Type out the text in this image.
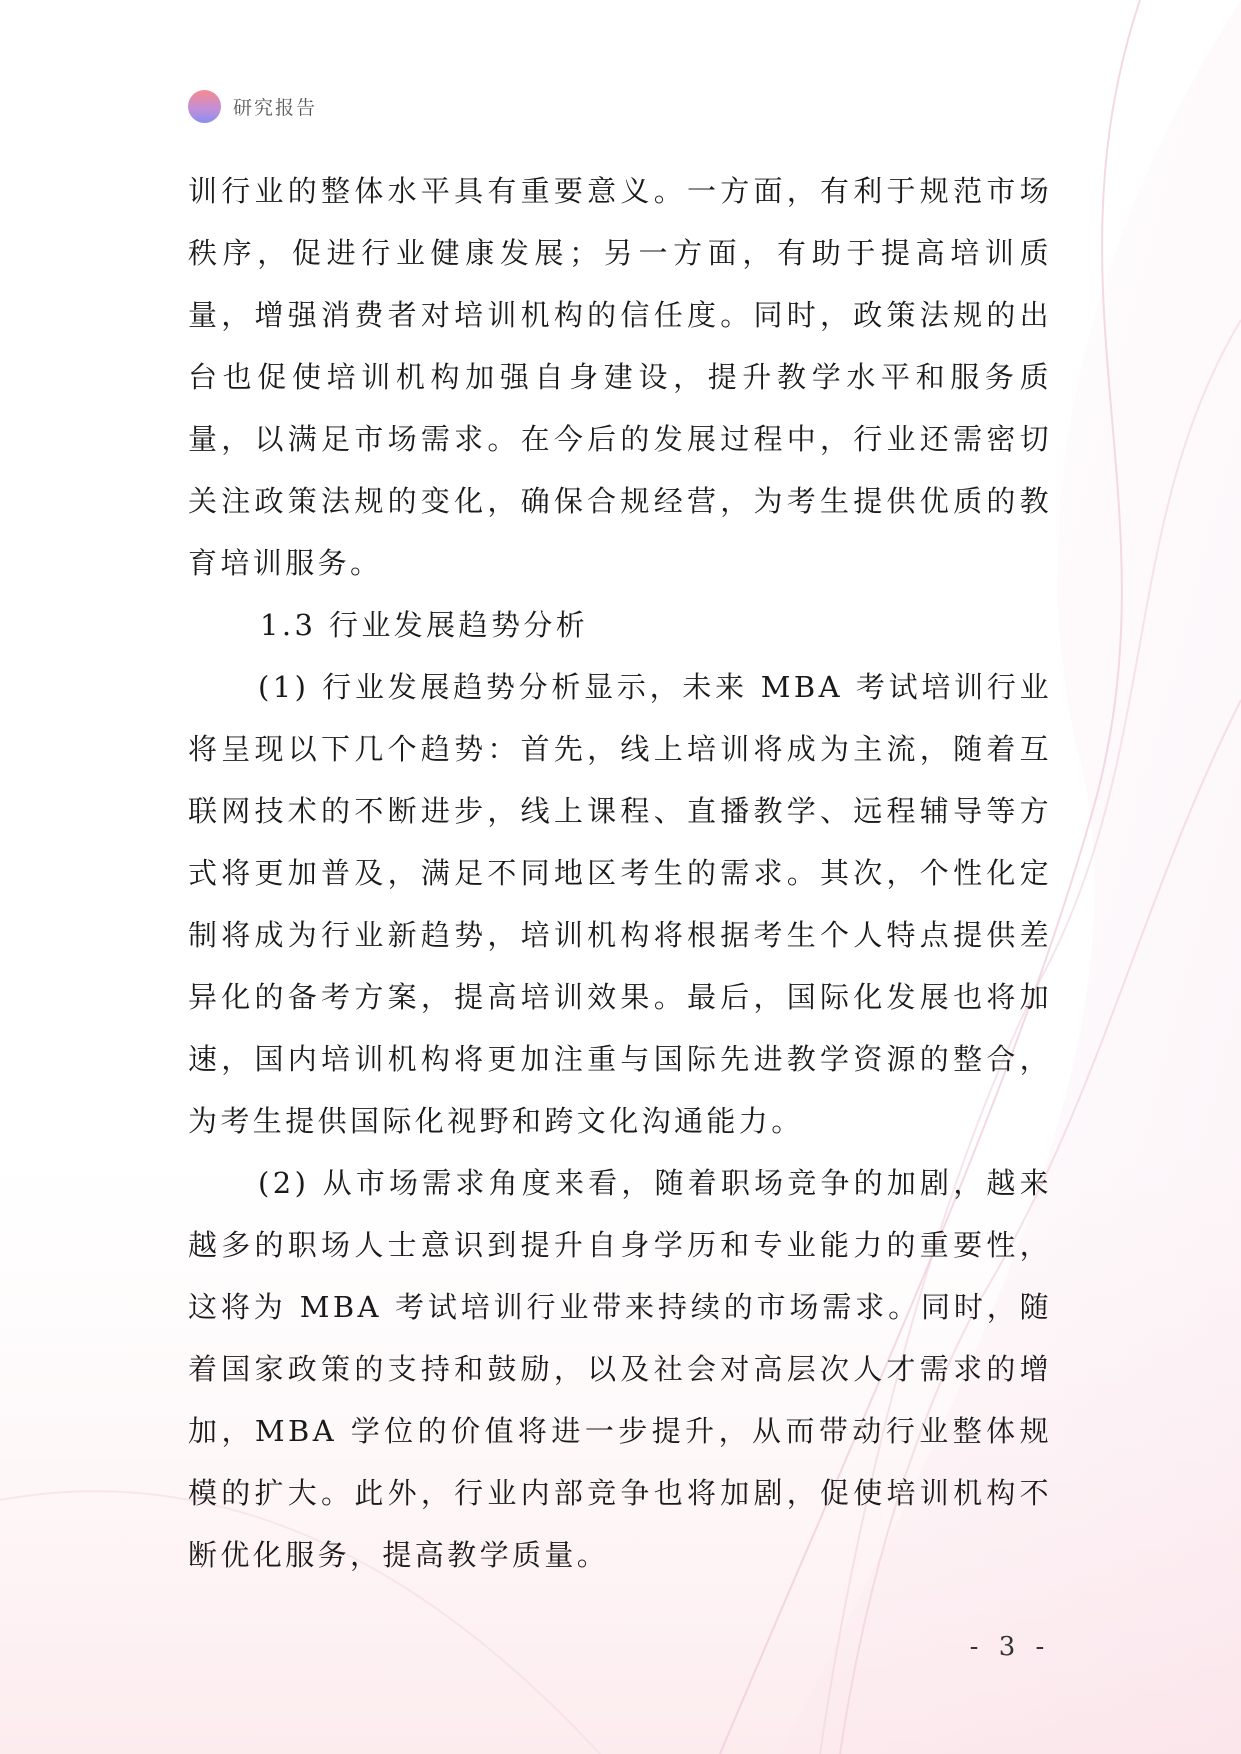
研究报告

训行业的整体水平具有重要意义。一方面，有利于规范市场秩序，促进行业健康发展；另一方面，有助于提高培训质量，增强消费者对培训机构的信任度。同时，政策法规的出台也促使培训机构加强自身建设，提升教学水平和服务质量，以满足市场需求。在今后的发展过程中，行业还需密切关注政策法规的变化，确保合规经营，为考生提供优质的教育培训服务。

1.3 行业发展趋势分析

(1) 行业发展趋势分析显示，未来 MBA 考试培训行业将呈现以下几个趋势：首先，线上培训将成为主流，随着互联网技术的不断进步，线上课程、直播教学、远程辅导等方式将更加普及，满足不同地区考生的需求。其次，个性化定制将成为行业新趋势，培训机构将根据考生个人特点提供差异化的备考方案，提高培训效果。最后，国际化发展也将加速，国内培训机构将更加注重与国际先进教学资源的整合，为考生提供国际化视野和跨文化沟通能力。

(2) 从市场需求角度来看，随着职场竞争的加剧，越来越多的职场人士意识到提升自身学历和专业能力的重要性，这将为 MBA 考试培训行业带来持续的市场需求。同时，随着国家政策的支持和鼓励，以及社会对高层次人才需求的增加，MBA 学位的价值将进一步提升，从而带动行业整体规模的扩大。此外，行业内部竞争也将加剧，促使培训机构不断优化服务，提高教学质量。

- 3 -
